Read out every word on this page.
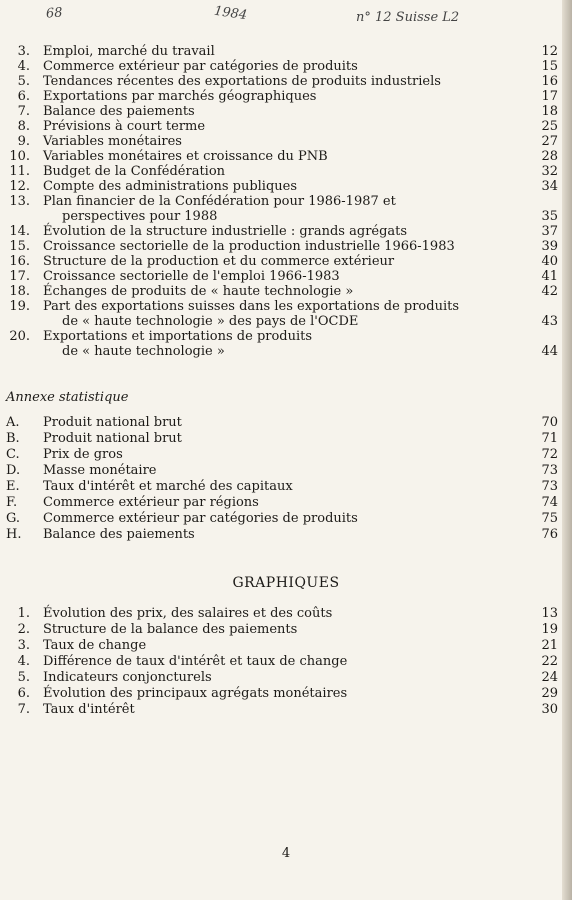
68	1984	n° 12 Suisse L2
3. Emploi, marché du travail	12
4. Commerce extérieur par catégories de produits	15
5. Tendances récentes des exportations de produits industriels	16
6. Exportations par marchés géographiques	17
7. Balance des paiements	18
8. Prévisions à court terme	25
9. Variables monétaires	27
10. Variables monétaires et croissance du PNB	28
11. Budget de la Confédération	32
12. Compte des administrations publiques	34
13. Plan financier de la Confédération pour 1986-1987 et
perspectives pour 1988	35
14. Évolution de la structure industrielle : grands agrégats	37
15. Croissance sectorielle de la production industrielle 1966-1983	39
16. Structure de la production et du commerce extérieur	40
17. Croissance sectorielle de l'emploi 1966-1983	41
18. Échanges de produits de « haute technologie »	42
19. Part des exportations suisses dans les exportations de produits
de « haute technologie » des pays de l'OCDE	43
20. Exportations et importations de produits
de « haute technologie »	44
Annexe statistique
A. Produit national brut	70
B. Produit national brut	71
C. Prix de gros	72
D. Masse monétaire	73
E. Taux d'intérêt et marché des capitaux	73
F. Commerce extérieur par régions	74
G. Commerce extérieur par catégories de produits	75
H. Balance des paiements	76
GRAPHIQUES
1. Évolution des prix, des salaires et des coûts	13
2. Structure de la balance des paiements	19
3. Taux de change	21
4. Différence de taux d'intérêt et taux de change	22
5. Indicateurs conjoncturels	24
6. Évolution des principaux agrégats monétaires	29
7. Taux d'intérêt	30
4
